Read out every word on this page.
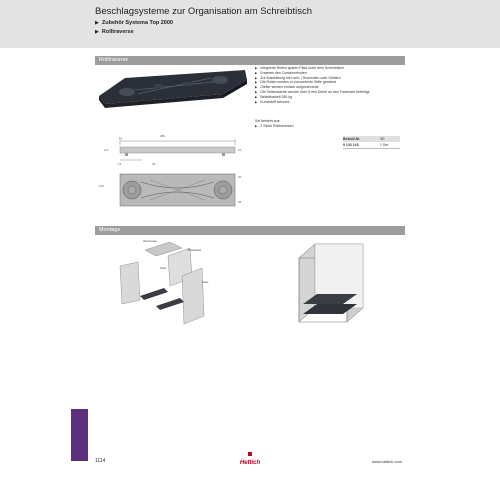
Beschlagsysteme zur Organisation am Schreibtisch
▶ Zubehör Systema Top 2000
▶ Rolltraverse
Rolltraverse
▶ integrierte Rollen sparen Platz unter dem Schreibtisch
▶ Ersetzen den Containerboden
▶ Zur Ausstattung mit Lenk- / Bockrollen oder Gleitern
▶ Die Rollen werden in vormontierte Stifte gesteckt
▶ Gleiter werden einfach aufgeschraubt
▶ Die Seitenwände werden über 8 mm Dübel an den Traversen befestigt
▶ Belastbarkeit 350 kg
▶ Kunststoff schwarz
Set besteht aus:
▶ 2 Stück Rolltraversen
Bestell-Nr.	VE
9 133 143	1 Set
380
11
10
ø 6
13	32
116
20
35
Montage
Oberboden
Rückwand
Seite
Seite
1114	Hettich	www.hettich.com
